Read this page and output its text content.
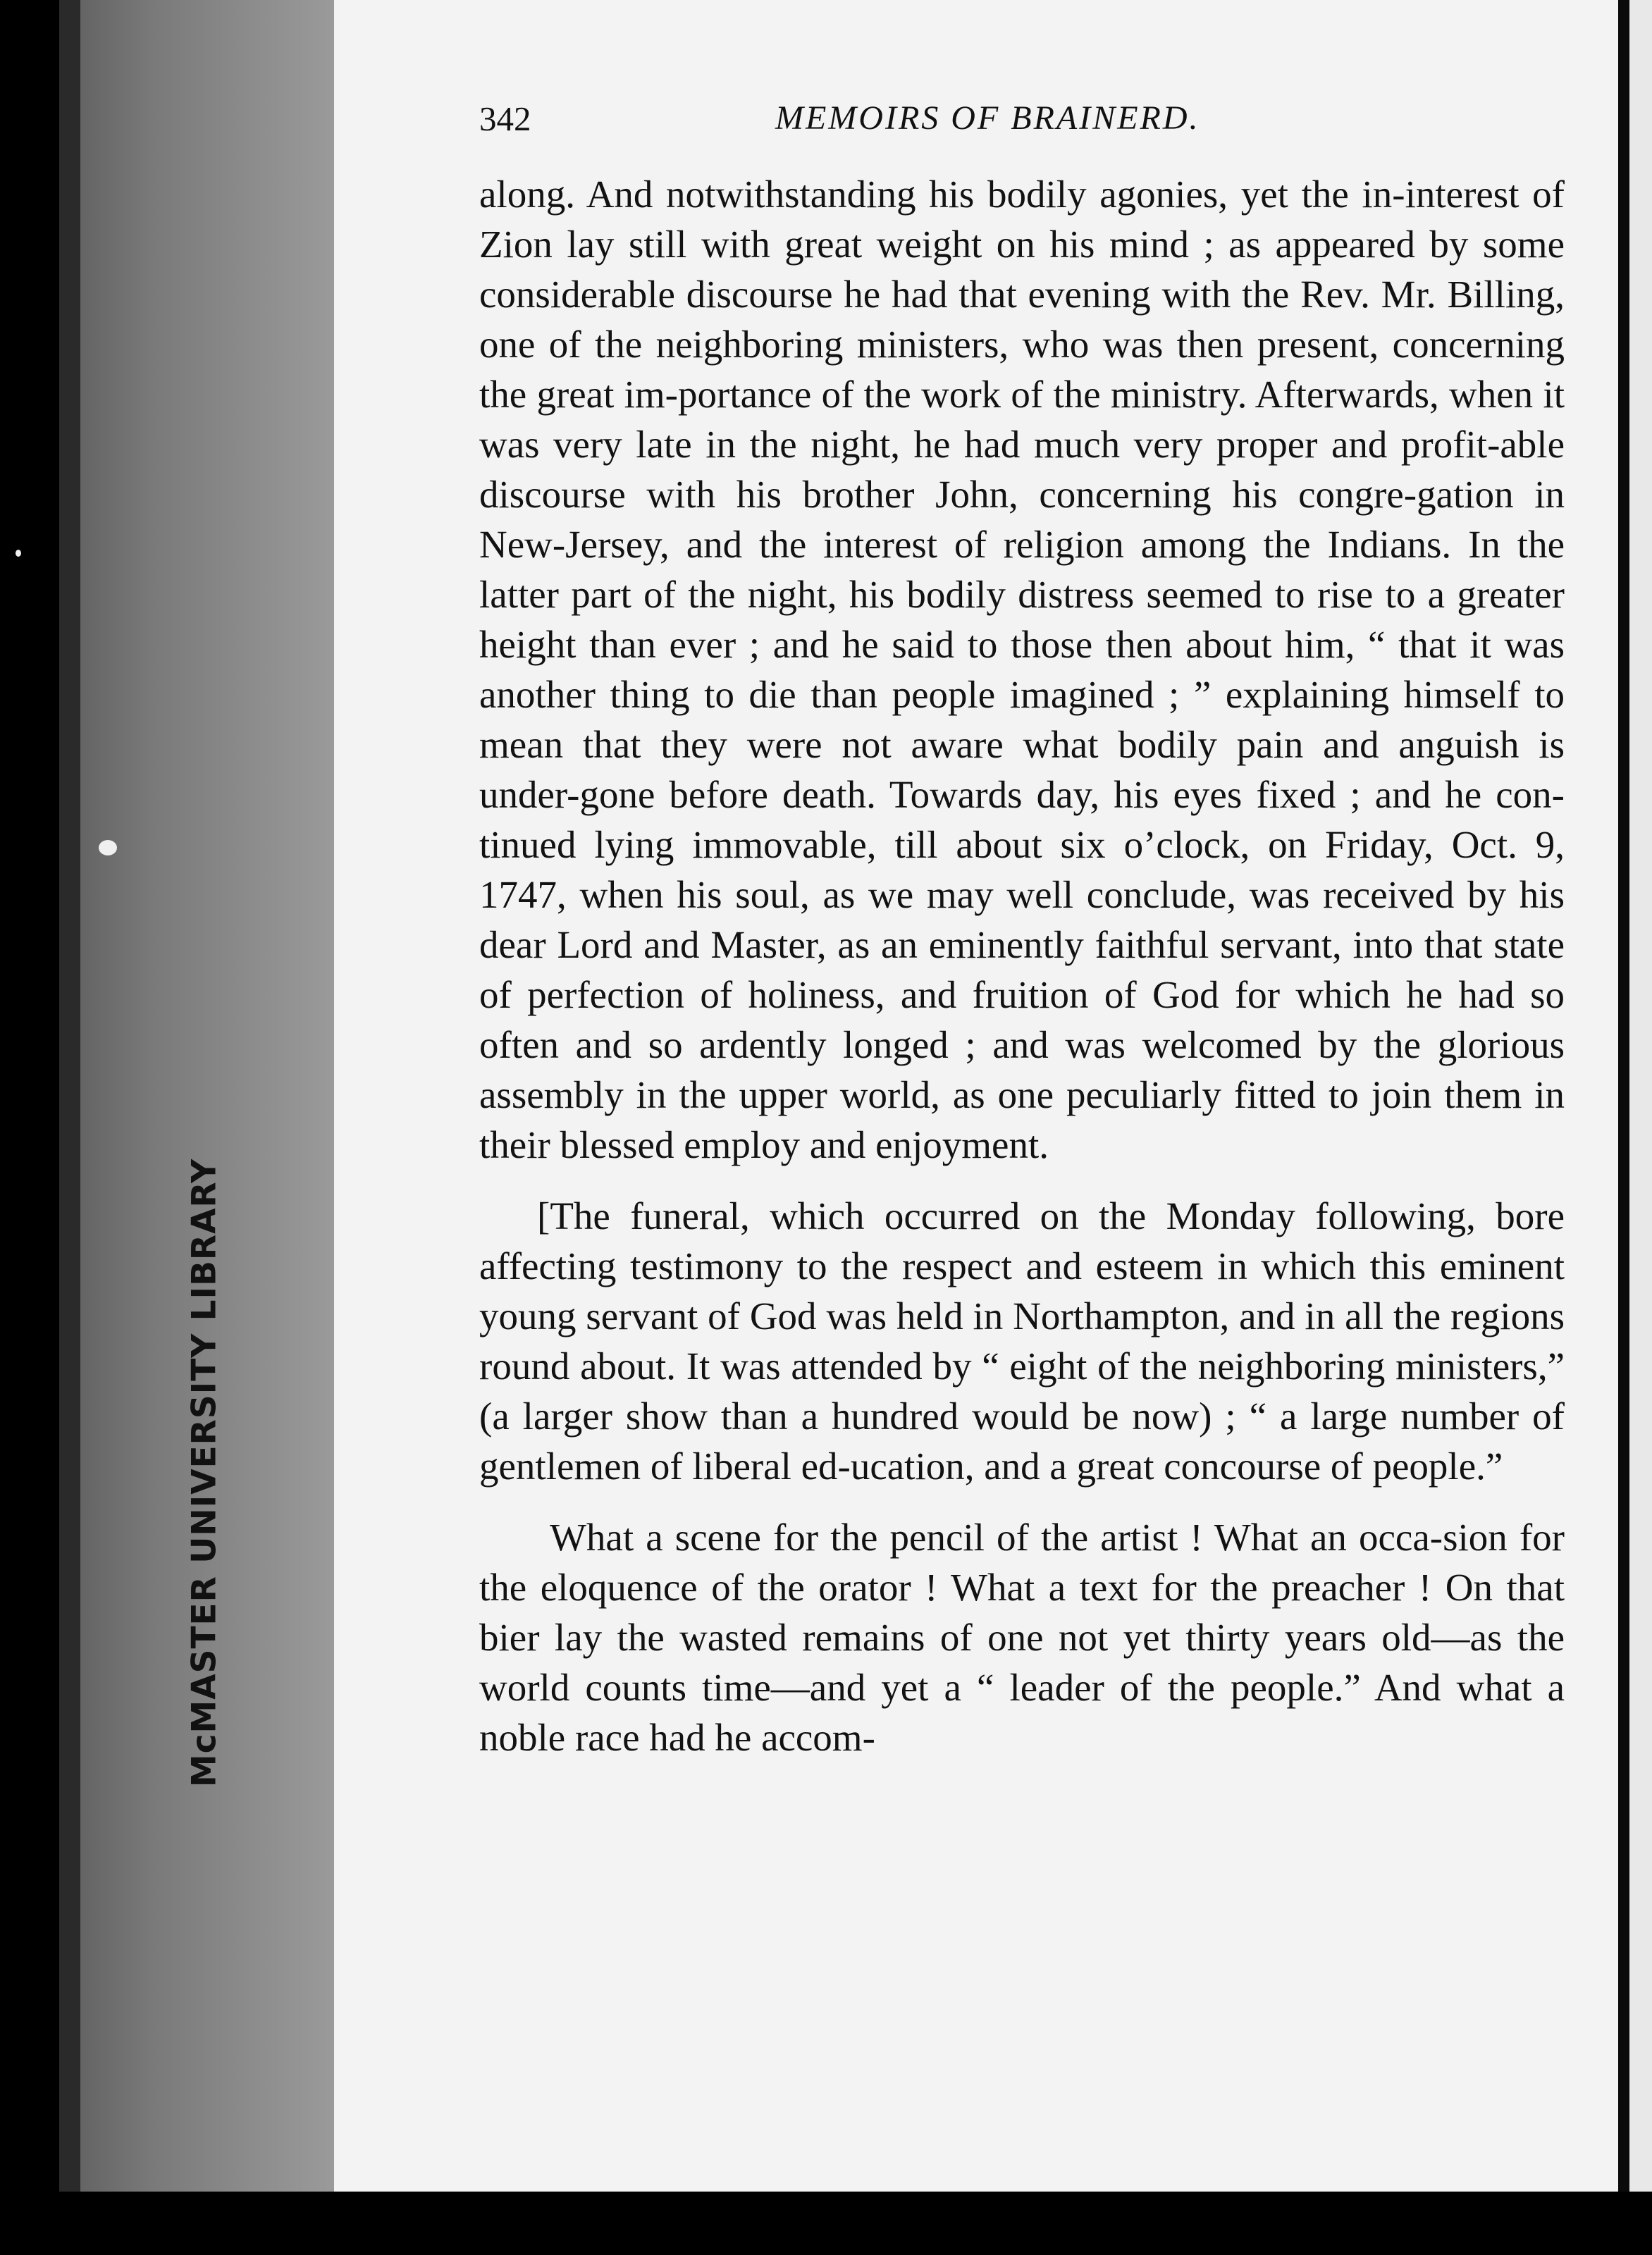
McMASTER UNIVERSITY LIBRARY
342	MEMOIRS OF BRAINERD.

along. And notwithstanding his bodily agonies, yet the in-interest of Zion lay still with great weight on his mind ; as appeared by some considerable discourse he had that evening with the Rev. Mr. Billing, one of the neighboring ministers, who was then present, concerning the great im-portance of the work of the ministry. Afterwards, when it was very late in the night, he had much very proper and profit-able discourse with his brother John, concerning his congre-gation in New-Jersey, and the interest of religion among the Indians. In the latter part of the night, his bodily distress seemed to rise to a greater height than ever ; and he said to those then about him, “ that it was another thing to die than people imagined ; ” explaining himself to mean that they were not aware what bodily pain and anguish is under-gone before death. Towards day, his eyes fixed ; and he con-tinued lying immovable, till about six o’clock, on Friday, Oct. 9, 1747, when his soul, as we may well conclude, was received by his dear Lord and Master, as an eminently faithful servant, into that state of perfection of holiness, and fruition of God for which he had so often and so ardently longed ; and was welcomed by the glorious assembly in the upper world, as one peculiarly fitted to join them in their blessed employ and enjoyment.

[The funeral, which occurred on the Monday following, bore affecting testimony to the respect and esteem in which this eminent young servant of God was held in Northampton, and in all the regions round about. It was attended by “ eight of the neighboring ministers,” (a larger show than a hundred would be now) ; “ a large number of gentlemen of liberal ed-ucation, and a great concourse of people.”

What a scene for the pencil of the artist ! What an occa-sion for the eloquence of the orator ! What a text for the preacher ! On that bier lay the wasted remains of one not yet thirty years old—as the world counts time—and yet a “ leader of the people.” And what a noble race had he accom-
